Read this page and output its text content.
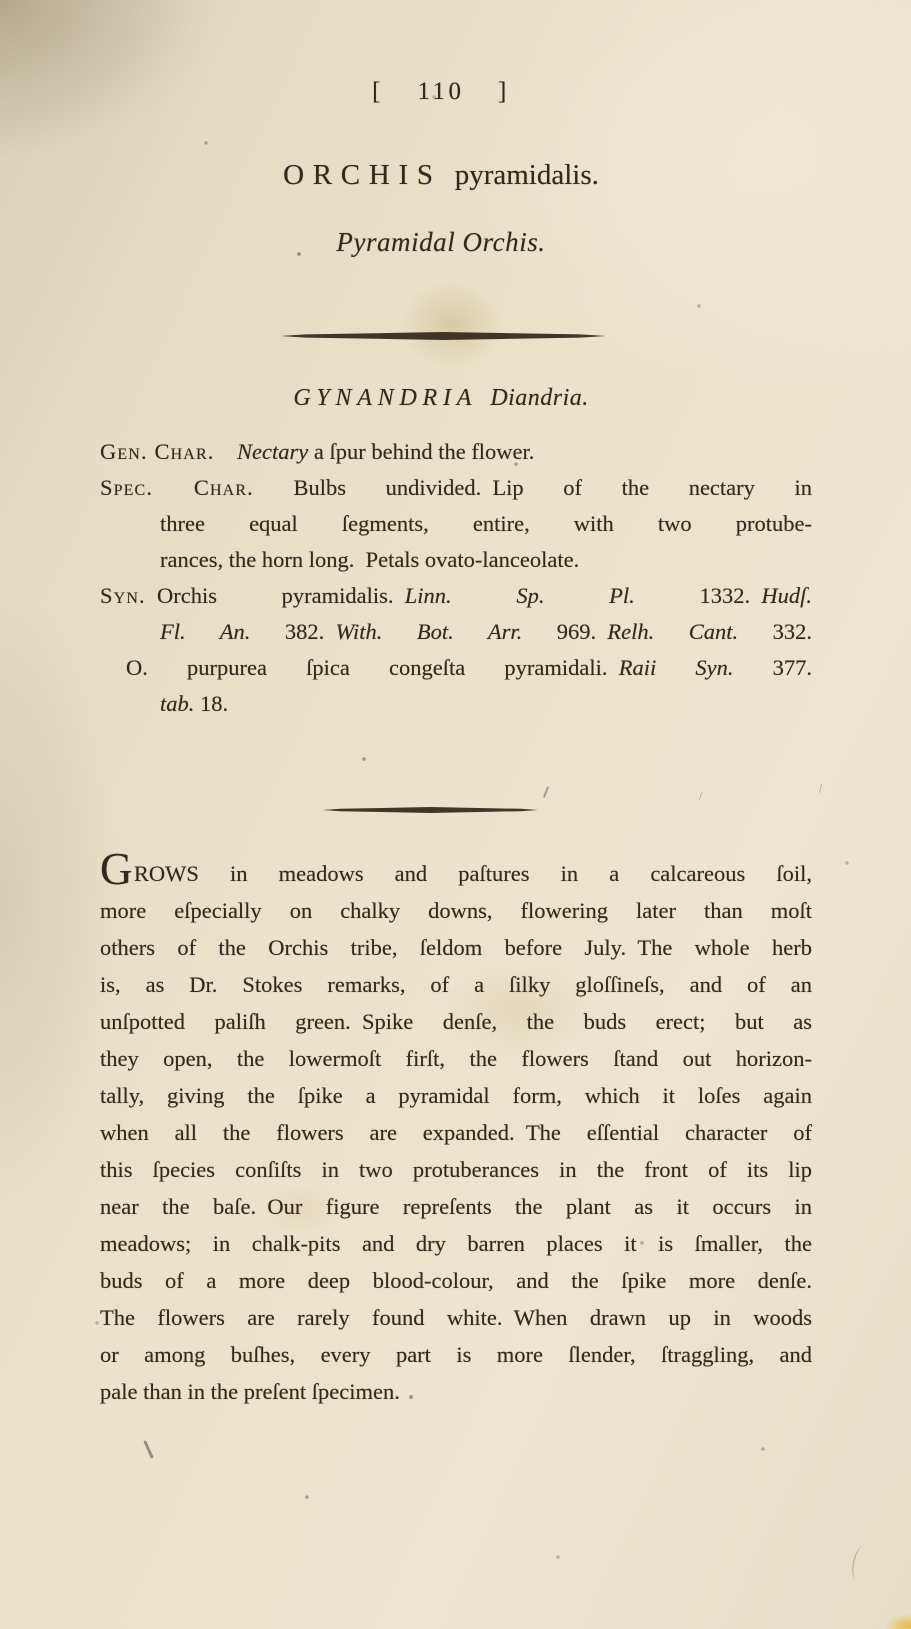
[ 110 ]
ORCHIS pyramidalis.
Pyramidal Orchis.
GYNANDRIA Diandria.
Gen. Char.  Nectary a ſpur behind the flower.
Spec. Char. Bulbs undivided. Lip of the nectary in
three equal ſegments, entire, with two protube-
rances, the horn long. Petals ovato-lanceolate.
Syn. Orchis pyramidalis. Linn. Sp. Pl. 1332. Hudſ.
Fl. An. 382. With. Bot. Arr. 969. Relh. Cant. 332.
O. purpurea ſpica congeſta pyramidali. Raii Syn. 377.
tab. 18.
GROWS in meadows and paſtures in a calcareous ſoil,
more eſpecially on chalky downs, flowering later than moſt
others of the Orchis tribe, ſeldom before July. The whole herb
is, as Dr. Stokes remarks, of a ſilky gloſſineſs, and of an
unſpotted paliſh green. Spike denſe, the buds erect; but as
they open, the lowermoſt firſt, the flowers ſtand out horizon-
tally, giving the ſpike a pyramidal form, which it loſes again
when all the flowers are expanded. The eſſential character of
this ſpecies conſiſts in two protuberances in the front of its lip
near the baſe. Our figure repreſents the plant as it occurs in
meadows; in chalk-pits and dry barren places it is ſmaller, the
buds of a more deep blood-colour, and the ſpike more denſe.
The flowers are rarely found white. When drawn up in woods
or among buſhes, every part is more ſlender, ſtraggling, and
pale than in the preſent ſpecimen.
